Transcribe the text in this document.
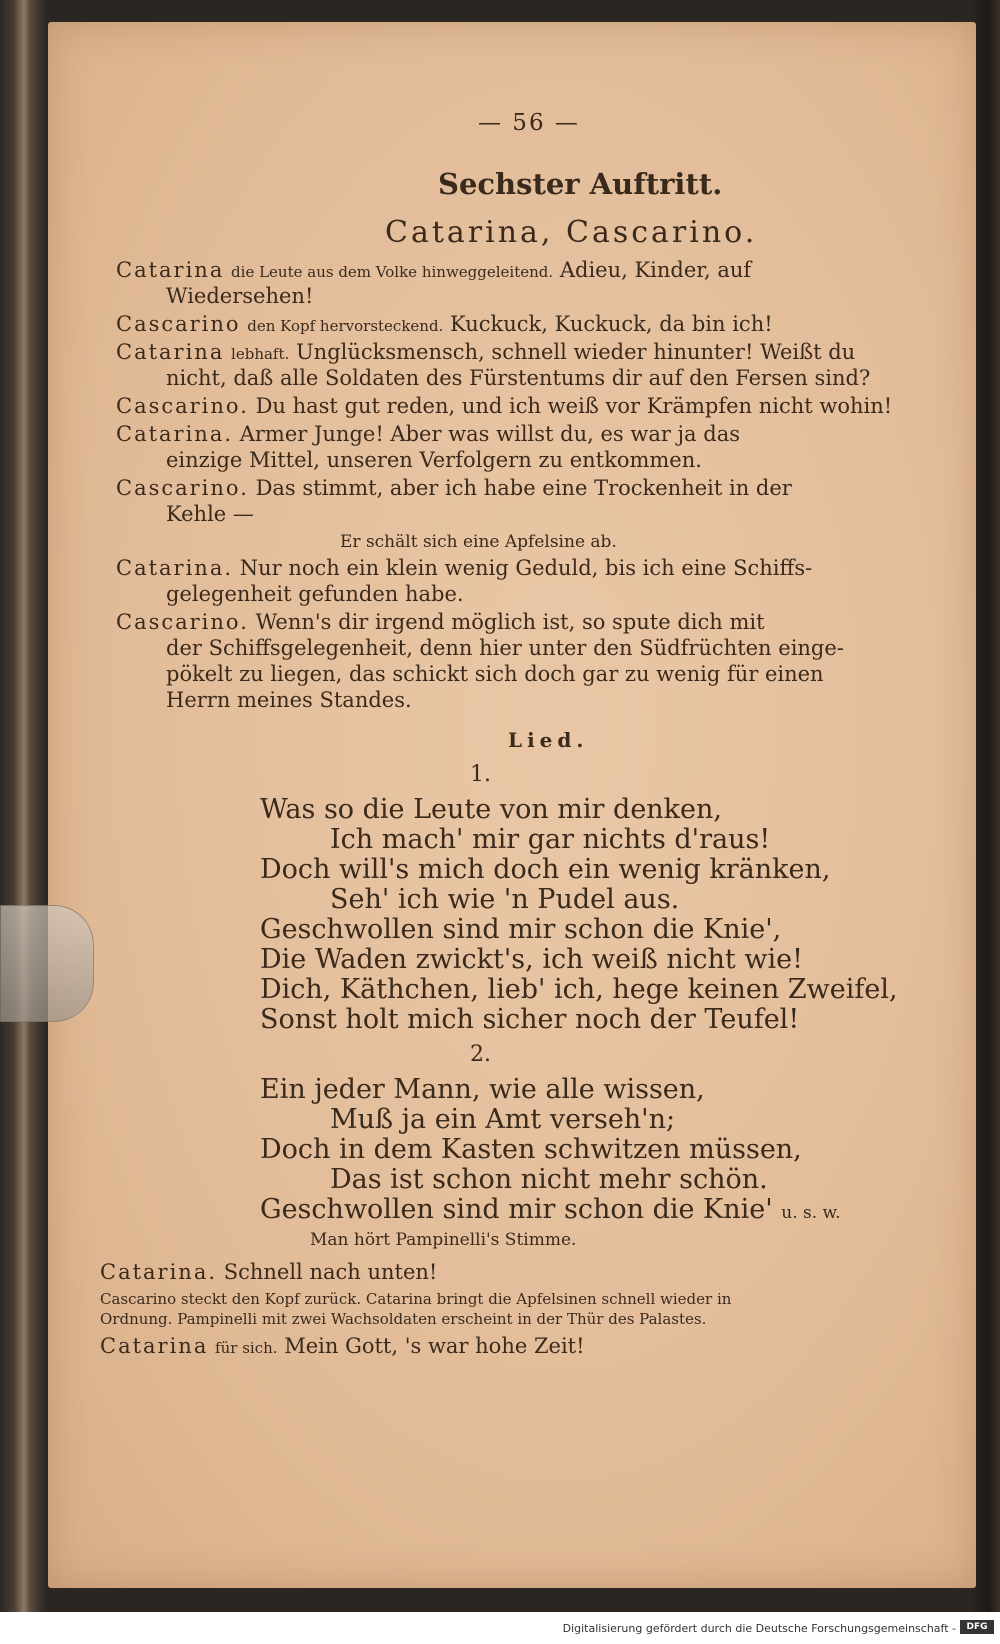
— 56 —
Sechster Auftritt.
Catarina, Cascarino.
Catarina die Leute aus dem Volke hinweggeleitend. Adieu, Kinder, auf
Wiedersehen!
Cascarino den Kopf hervorsteckend. Kuckuck, Kuckuck, da bin ich!
Catarina lebhaft. Unglücksmensch, schnell wieder hinunter! Weißt du
nicht, daß alle Soldaten des Fürstentums dir auf den Fersen sind?
Cascarino. Du hast gut reden, und ich weiß vor Krämpfen nicht wohin!
Catarina. Armer Junge! Aber was willst du, es war ja das
einzige Mittel, unseren Verfolgern zu entkommen.
Cascarino. Das stimmt, aber ich habe eine Trockenheit in der
Kehle —
Er schält sich eine Apfelsine ab.
Catarina. Nur noch ein klein wenig Geduld, bis ich eine Schiffs-
gelegenheit gefunden habe.
Cascarino. Wenn's dir irgend möglich ist, so spute dich mit
der Schiffsgelegenheit, denn hier unter den Südfrüchten einge-
pökelt zu liegen, das schickt sich doch gar zu wenig für einen
Herrn meines Standes.
Lied.
1.
Was so die Leute von mir denken,
Ich mach' mir gar nichts d'raus!
Doch will's mich doch ein wenig kränken,
Seh' ich wie 'n Pudel aus.
Geschwollen sind mir schon die Knie',
Die Waden zwickt's, ich weiß nicht wie!
Dich, Käthchen, lieb' ich, hege keinen Zweifel,
Sonst holt mich sicher noch der Teufel!
2.
Ein jeder Mann, wie alle wissen,
Muß ja ein Amt verseh'n;
Doch in dem Kasten schwitzen müssen,
Das ist schon nicht mehr schön.
Geschwollen sind mir schon die Knie' u. s. w.
Man hört Pampinelli's Stimme.
Catarina. Schnell nach unten!
Cascarino steckt den Kopf zurück. Catarina bringt die Apfelsinen schnell wieder in
Ordnung. Pampinelli mit zwei Wachsoldaten erscheint in der Thür des Palastes.
Catarina für sich. Mein Gott, 's war hohe Zeit!
Digitalisierung gefördert durch die Deutsche Forschungsgemeinschaft -	DFG
